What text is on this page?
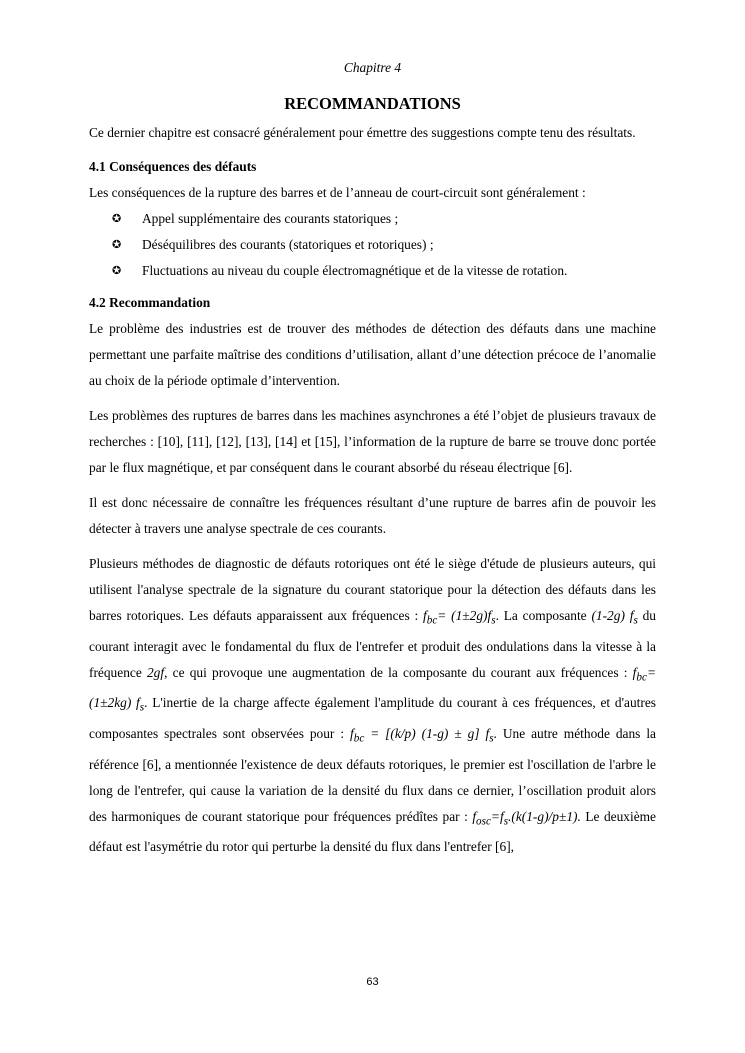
Chapitre 4
RECOMMANDATIONS

Ce dernier chapitre est consacré généralement pour émettre des suggestions compte tenu des résultats.

4.1 Conséquences des défauts

Les conséquences de la rupture des barres et de l’anneau de court-circuit sont généralement :

✪ Appel supplémentaire des courants statoriques ;
✪ Déséquilibres des courants (statoriques et rotoriques) ;
✪ Fluctuations au niveau du couple électromagnétique et de la vitesse de rotation.
4.2 Recommandation

Le problème des industries est de trouver des méthodes de détection des défauts dans une machine permettant une parfaite maîtrise des conditions d’utilisation, allant d’une détection précoce de l’anomalie au choix de la période optimale d’intervention.

Les problèmes des ruptures de barres dans les machines asynchrones a été l’objet de plusieurs travaux de recherches : [10], [11], [12], [13], [14] et [15], l’information de la rupture de barre se trouve donc portée par le flux magnétique, et par conséquent dans le courant absorbé du réseau électrique [6].

Il est donc nécessaire de connaître les fréquences résultant d’une rupture de barres afin de pouvoir les détecter à travers une analyse spectrale de ces courants.

Plusieurs méthodes de diagnostic de défauts rotoriques ont été le siège d'étude de plusieurs auteurs, qui utilisent l'analyse spectrale de la signature du courant statorique pour la détection des défauts dans les barres rotoriques. Les défauts apparaissent aux fréquences : $f_{bc}= (1\pm 2g)f_s$. La composante (1-2g) $f_s$ du courant interagit avec le fondamental du flux de l'entrefer et produit des ondulations dans la vitesse à la fréquence 2gf, ce qui provoque une augmentation de la composante du courant aux fréquences : $f_{bc}= (1\pm 2kg)$ $f_s$. L'inertie de la charge affecte également l'amplitude du courant à ces fréquences, et d'autres composantes spectrales sont observées pour : $f_{bc} = [(k/p) (1-g) \pm g]$ $f_s$. Une autre méthode dans la référence [6], a mentionnée l'existence de deux défauts rotoriques, le premier est l'oscillation de l'arbre le long de l'entrefer, qui cause la variation de la densité du flux dans ce dernier, l’oscillation produit alors des harmoniques de courant statorique pour fréquences prédîtes par : $f_{osc}=f_s.(k(1-g)/p\pm 1)$. Le deuxième défaut est l'asymétrie du rotor qui perturbe la densité du flux dans l'entrefer [6],

63
